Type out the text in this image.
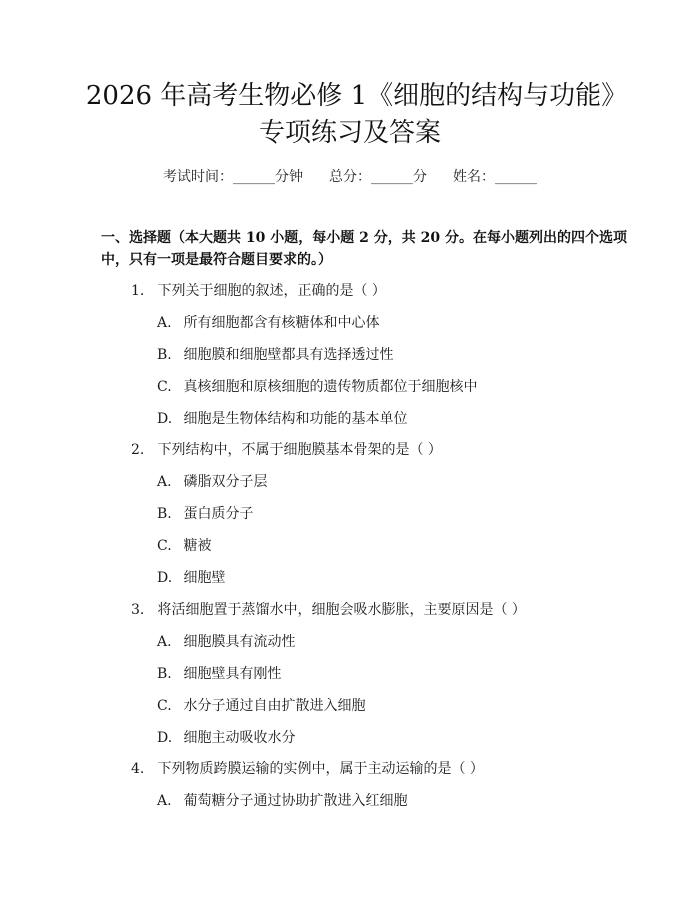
2026 年高考生物必修 1《细胞的结构与功能》专项练习及答案
考试时间：______分钟 总分：______分 姓名：______
一、选择题（本大题共 10 小题，每小题 2 分，共 20 分。在每小题列出的四个选项中，只有一项是最符合题目要求的。）
1. 下列关于细胞的叙述，正确的是（ ）
A. 所有细胞都含有核糖体和中心体
B. 细胞膜和细胞壁都具有选择透过性
C. 真核细胞和原核细胞的遗传物质都位于细胞核中
D. 细胞是生物体结构和功能的基本单位
2. 下列结构中，不属于细胞膜基本骨架的是（ ）
A. 磷脂双分子层
B. 蛋白质分子
C. 糖被
D. 细胞壁
3. 将活细胞置于蒸馏水中，细胞会吸水膨胀，主要原因是（ ）
A. 细胞膜具有流动性
B. 细胞壁具有刚性
C. 水分子通过自由扩散进入细胞
D. 细胞主动吸收水分
4. 下列物质跨膜运输的实例中，属于主动运输的是（ ）
A. 葡萄糖分子通过协助扩散进入红细胞
